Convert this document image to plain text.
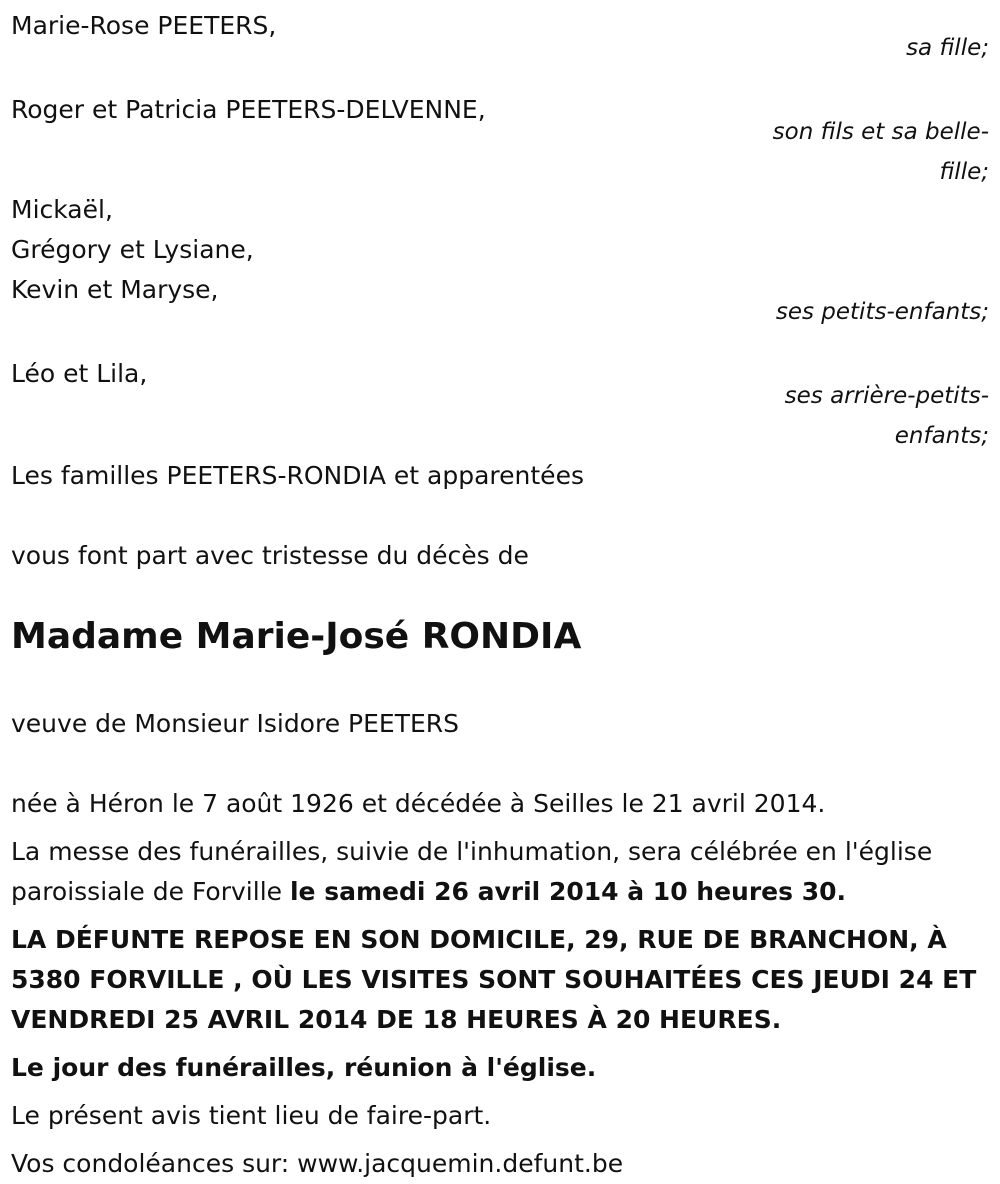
Marie-Rose PEETERS,
sa fille;
Roger et Patricia PEETERS-DELVENNE,
son fils et sa belle-fille;
Mickaël,
Grégory et Lysiane,
Kevin et Maryse,
ses petits-enfants;
Léo et Lila,
ses arrière-petits-enfants;
Les familles PEETERS-RONDIA et apparentées
vous font part avec tristesse du décès de
Madame Marie-José RONDIA
veuve de Monsieur Isidore PEETERS
née à Héron le 7 août 1926 et décédée à Seilles le 21 avril 2014.
La messe des funérailles, suivie de l'inhumation, sera célébrée en l'église paroissiale de Forville le samedi 26 avril 2014 à 10 heures 30.
LA DÉFUNTE REPOSE EN SON DOMICILE, 29, RUE DE BRANCHON, À 5380 FORVILLE , OÙ LES VISITES SONT SOUHAITÉES CES JEUDI 24 ET VENDREDI 25 AVRIL 2014 DE 18 HEURES À 20 HEURES.
Le jour des funérailles, réunion à l'église.
Le présent avis tient lieu de faire-part.
Vos condoléances sur: www.jacquemin.defunt.be
